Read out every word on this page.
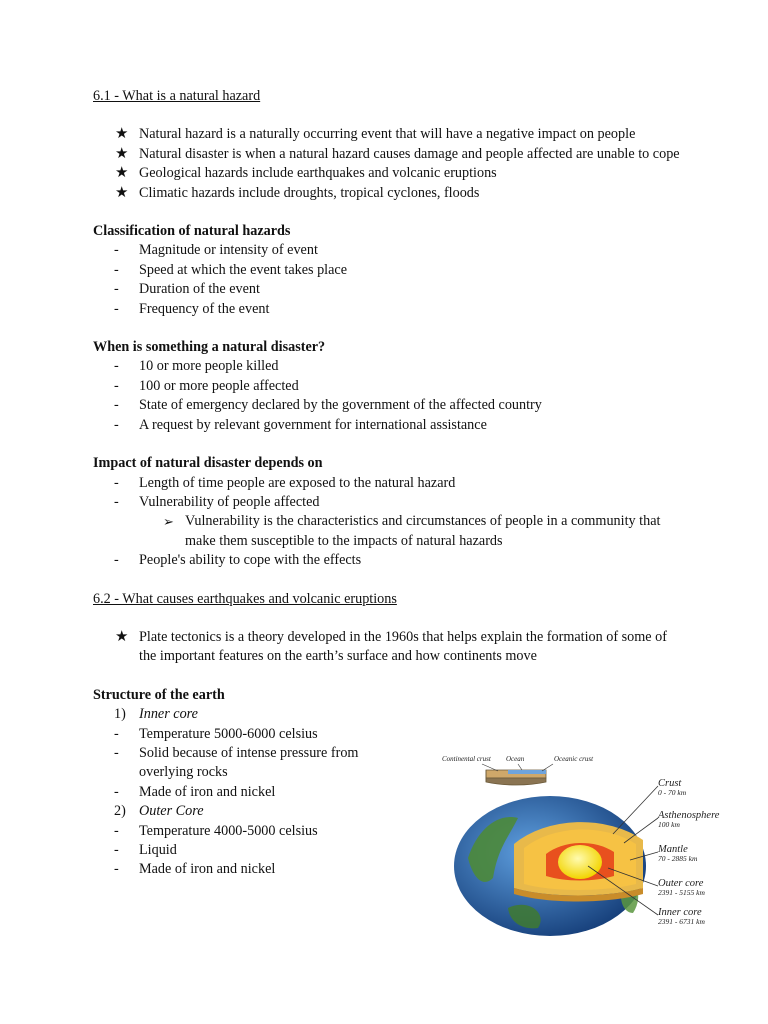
6.1 - What is a natural hazard
★ Natural hazard is a naturally occurring event that will have a negative impact on people
★ Natural disaster is when a natural hazard causes damage and people affected are unable to cope
★ Geological hazards include earthquakes and volcanic eruptions
★ Climatic hazards include droughts, tropical cyclones, floods
Classification of natural hazards
- Magnitude or intensity of event
- Speed at which the event takes place
- Duration of the event
- Frequency of the event
When is something a natural disaster?
- 10 or more people killed
- 100 or more people affected
- State of emergency declared by the government of the affected country
- A request by relevant government for international assistance
Impact of natural disaster depends on
- Length of time people are exposed to the natural hazard
- Vulnerability of people affected
➢ Vulnerability is the characteristics and circumstances of people in a community that make them susceptible to the impacts of natural hazards
- People's ability to cope with the effects
6.2 - What causes earthquakes and volcanic eruptions
★ Plate tectonics is a theory developed in the 1960s that helps explain the formation of some of the important features on the earth’s surface and how continents move
Structure of the earth
1) Inner core
- Temperature 5000-6000 celsius
- Solid because of intense pressure from overlying rocks
- Made of iron and nickel
2) Outer Core
- Temperature 4000-5000 celsius
- Liquid
- Made of iron and nickel
Continental crust Ocean	Oceanic crust
Crust
0 - 70 km
Asthenosphere
100 km
Mantle
70 - 2885 km
Outer core
2391 - 5155 km
Inner core
2391 - 6731 km
